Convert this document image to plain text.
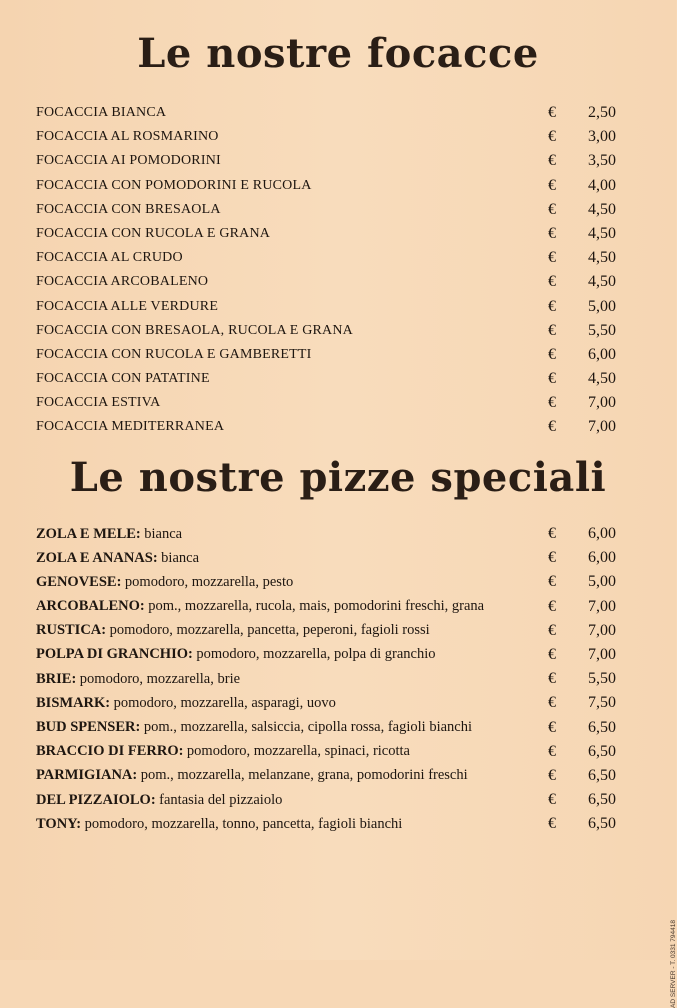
Le nostre focacce
FOCACCIA BIANCA	€	2,50
FOCACCIA AL ROSMARINO	€	3,00
FOCACCIA AI POMODORINI	€	3,50
FOCACCIA CON POMODORINI E RUCOLA	€	4,00
FOCACCIA CON BRESAOLA	€	4,50
FOCACCIA CON RUCOLA E GRANA	€	4,50
FOCACCIA AL CRUDO	€	4,50
FOCACCIA ARCOBALENO	€	4,50
FOCACCIA ALLE VERDURE	€	5,00
FOCACCIA CON BRESAOLA, RUCOLA E GRANA	€	5,50
FOCACCIA CON RUCOLA E GAMBERETTI	€	6,00
FOCACCIA CON PATATINE	€	4,50
FOCACCIA ESTIVA	€	7,00
FOCACCIA MEDITERRANEA	€	7,00
Le nostre pizze speciali
ZOLA E MELE: bianca	€	6,00
ZOLA E ANANAS: bianca	€	6,00
GENOVESE: pomodoro, mozzarella, pesto	€	5,00
ARCOBALENO: pom., mozzarella, rucola, mais, pomodorini freschi, grana	€	7,00
RUSTICA: pomodoro, mozzarella, pancetta, peperoni, fagioli rossi	€	7,00
POLPA DI GRANCHIO: pomodoro, mozzarella, polpa di granchio	€	7,00
BRIE: pomodoro, mozzarella, brie	€	5,50
BISMARK: pomodoro, mozzarella, asparagi, uovo	€	7,50
BUD SPENSER: pom., mozzarella, salsiccia, cipolla rossa, fagioli bianchi	€	6,50
BRACCIO DI FERRO: pomodoro, mozzarella, spinaci, ricotta	€	6,50
PARMIGIANA: pom., mozzarella, melanzane, grana, pomodorini freschi	€	6,50
DEL PIZZAIOLO: fantasia del pizzaiolo	€	6,50
TONY: pomodoro, mozzarella, tonno, pancetta, fagioli bianchi	€	6,50
AD SERVER - T. 0331 794418
